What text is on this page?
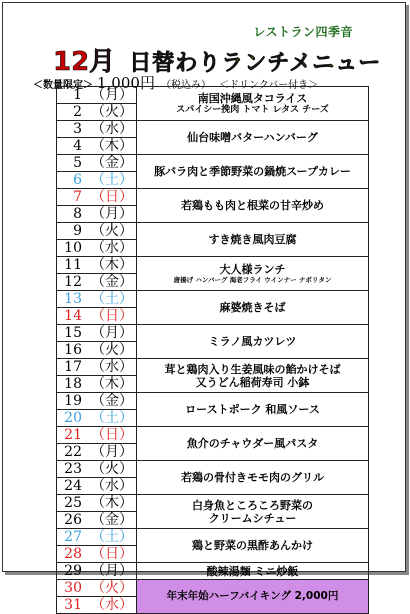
レストラン四季音
12月 日替わりランチメニュー
＜数量限定＞ 1,000円 （税込み） ＜ドリンクバー付き＞
1 （月）	南国沖縄風タコライス
スパイシー挽肉 トマト レタス チーズ

2 （火）	

3 （水）	仙台味噌バターハンバーグ

4 （木）	

5 （金）	豚バラ肉と季節野菜の鍋焼スープカレー

6 （土）	

7 （日）	若鶏もも肉と根菜の甘辛炒め

8 （月）	

9 （火）	すき焼き風肉豆腐

10 （水）	

11 （木）	大人様ランチ
唐揚げ ハンバーグ 海老フライ ウインナー ナポリタン

12 （金）	

13 （土）	麻婆焼きそば

14 （日）	

15 （月）	ミラノ風カツレツ

16 （火）	

17 （水）	茸と鶏肉入り生姜風味の餡かけそば
又うどん稲荷寿司 小鉢

18 （木）	

19 （金）	ローストポーク 和風ソース

20 （土）	

21 （日）	魚介のチャウダー風パスタ

22 （月）	

23 （火）	若鶏の骨付きモモ肉のグリル

24 （水）	

25 （木）	白身魚ところころ野菜の
クリームシチュー

26 （金）	

27 （土）	鶏と野菜の黒酢あんかけ

28 （日）	

29 （月）	酸辣湯麺 ミニ炒飯

30 （火）	年末年始ハーフバイキング 2,000円

31 （水）	
